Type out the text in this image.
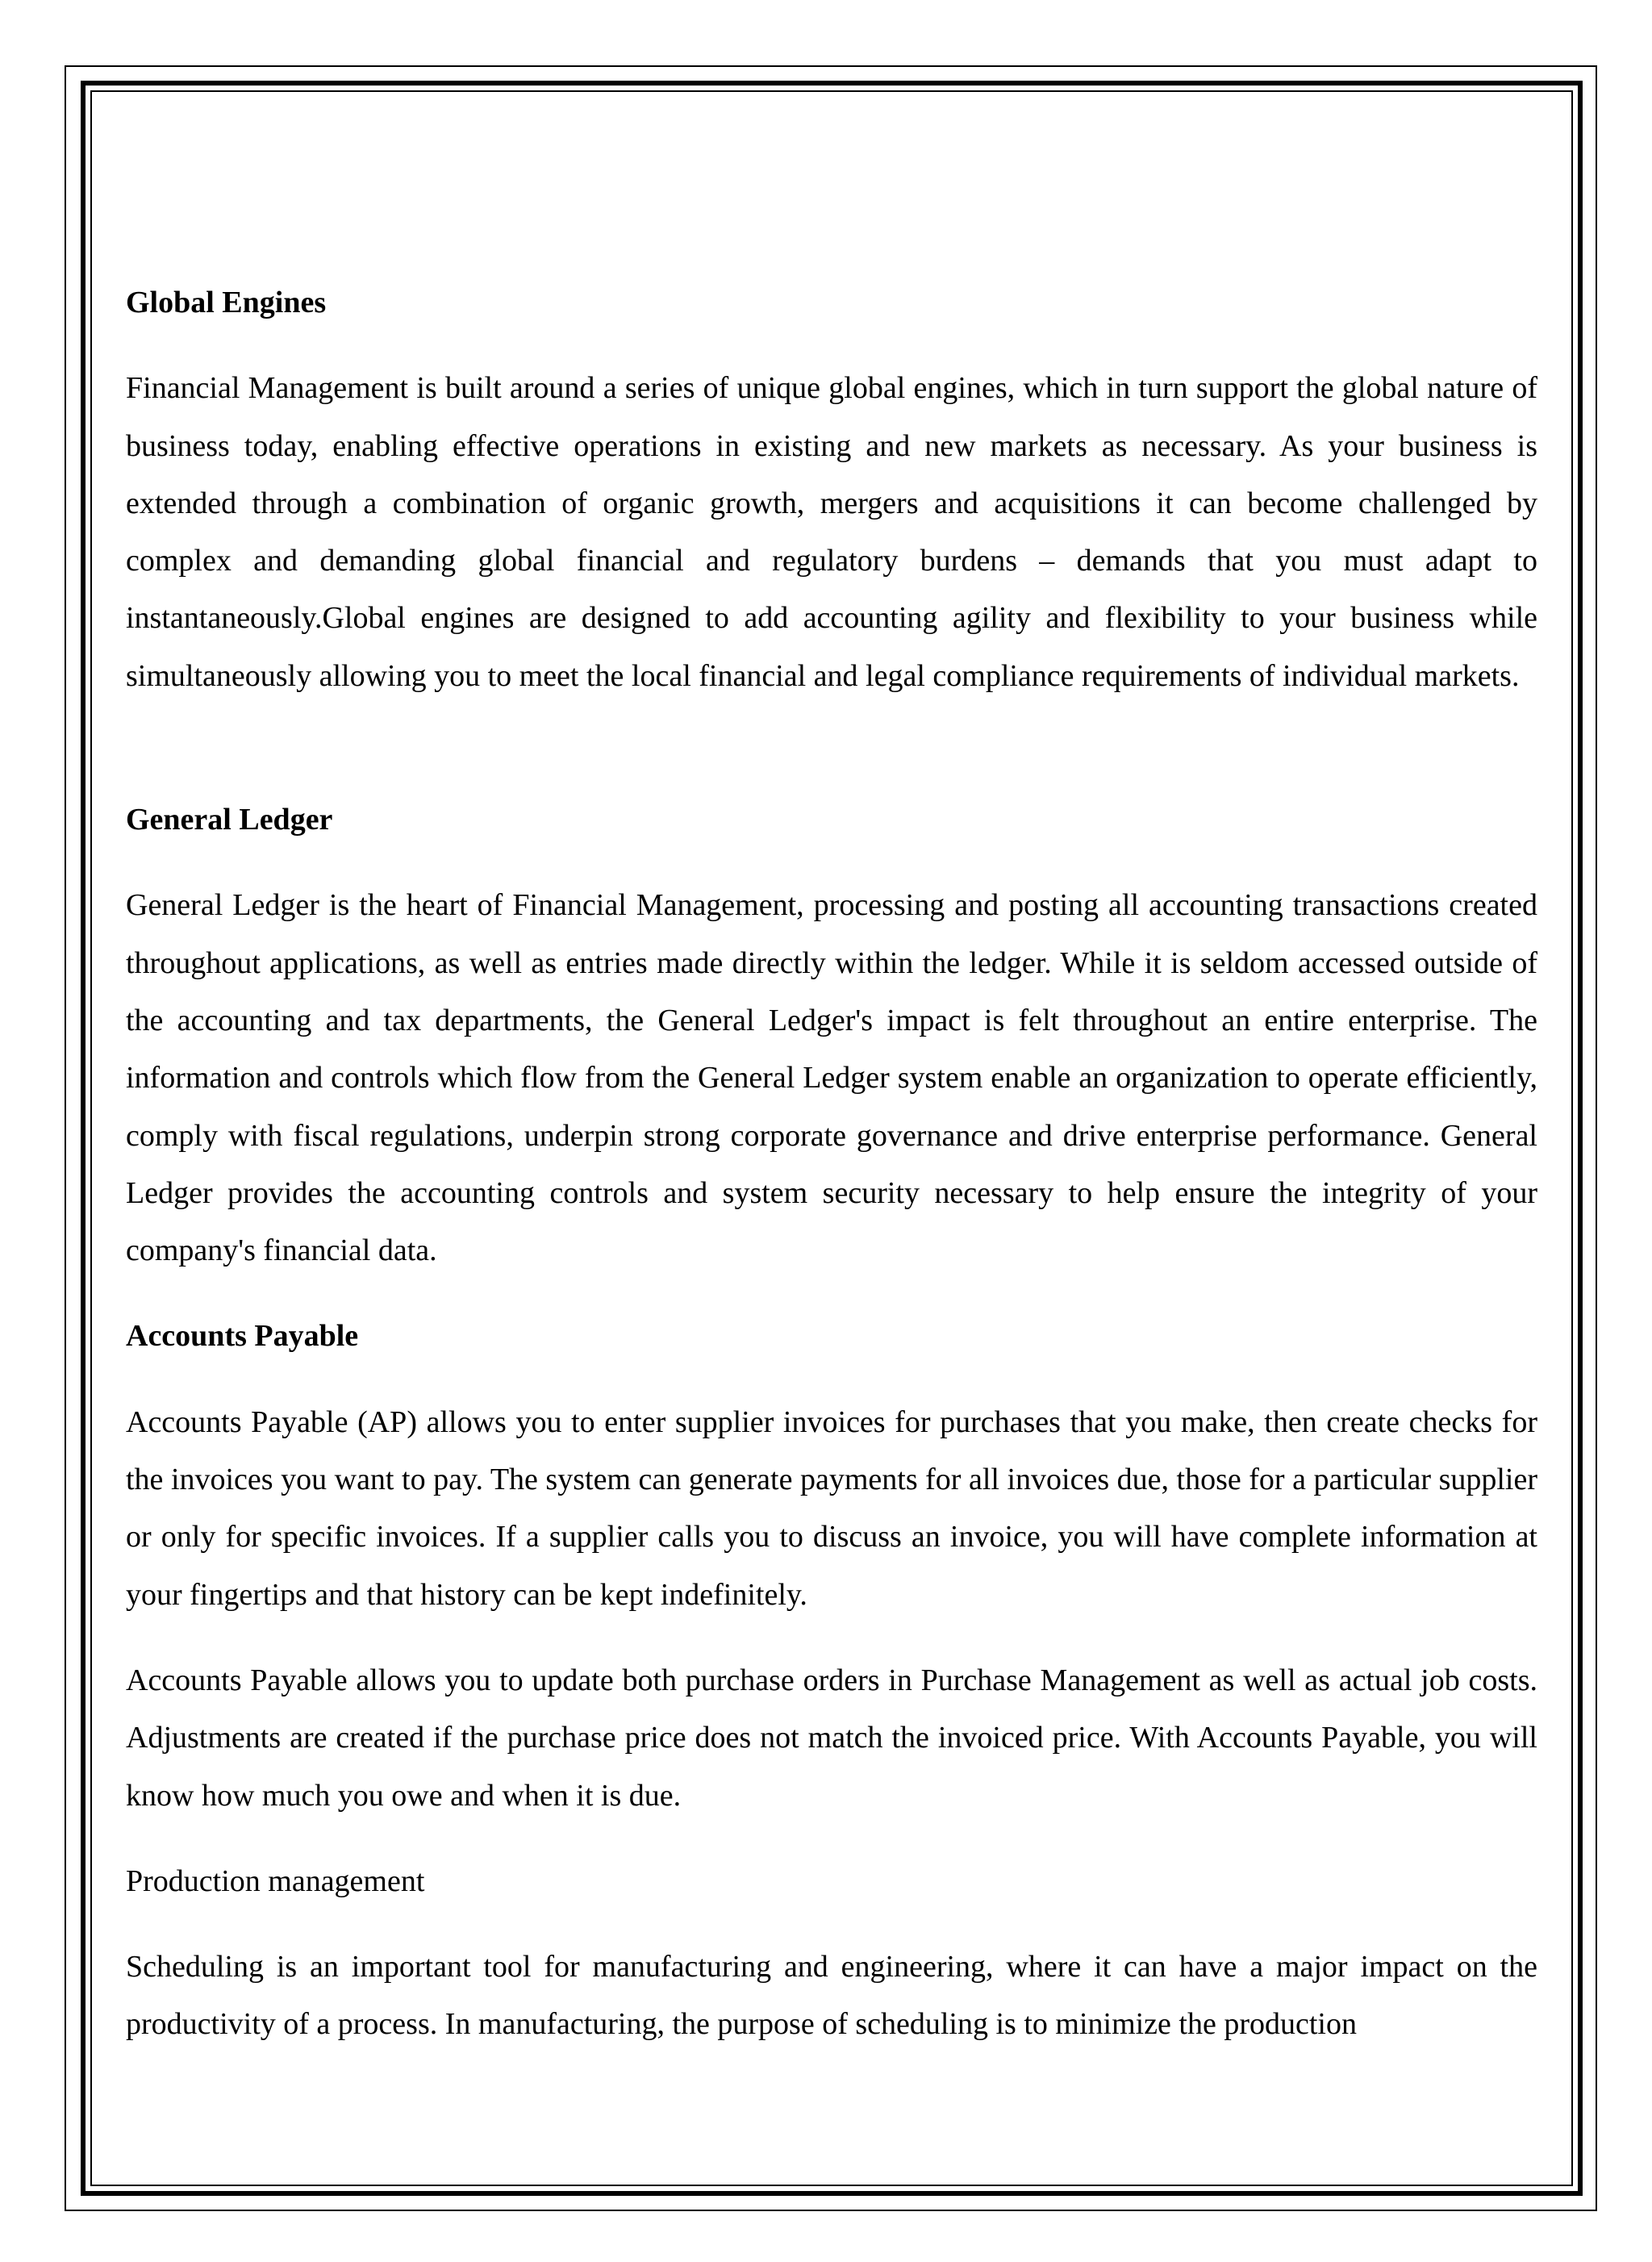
Global Engines

Financial Management is built around a series of unique global engines, which in turn support the global nature of business today, enabling effective operations in existing and new markets as necessary. As your business is extended through a combination of organic growth, mergers and acquisitions it can become challenged by complex and demanding global financial and regulatory burdens – demands that you must adapt to instantaneously.Global engines are designed to add accounting agility and flexibility to your business while simultaneously allowing you to meet the local financial and legal compliance requirements of individual markets.

General Ledger

General Ledger is the heart of Financial Management, processing and posting all accounting transactions created throughout applications, as well as entries made directly within the ledger. While it is seldom accessed outside of the accounting and tax departments, the General Ledger's impact is felt throughout an entire enterprise. The information and controls which flow from the General Ledger system enable an organization to operate efficiently, comply with fiscal regulations, underpin strong corporate governance and drive enterprise performance. General Ledger provides the accounting controls and system security necessary to help ensure the integrity of your company's financial data.

Accounts Payable

Accounts Payable (AP) allows you to enter supplier invoices for purchases that you make, then create checks for the invoices you want to pay. The system can generate payments for all invoices due, those for a particular supplier or only for specific invoices. If a supplier calls you to discuss an invoice, you will have complete information at your fingertips and that history can be kept indefinitely.

Accounts Payable allows you to update both purchase orders in Purchase Management as well as actual job costs. Adjustments are created if the purchase price does not match the invoiced price. With Accounts Payable, you will know how much you owe and when it is due.

Production management

Scheduling is an important tool for manufacturing and engineering, where it can have a major impact on the productivity of a process. In manufacturing, the purpose of scheduling is to minimize the production
